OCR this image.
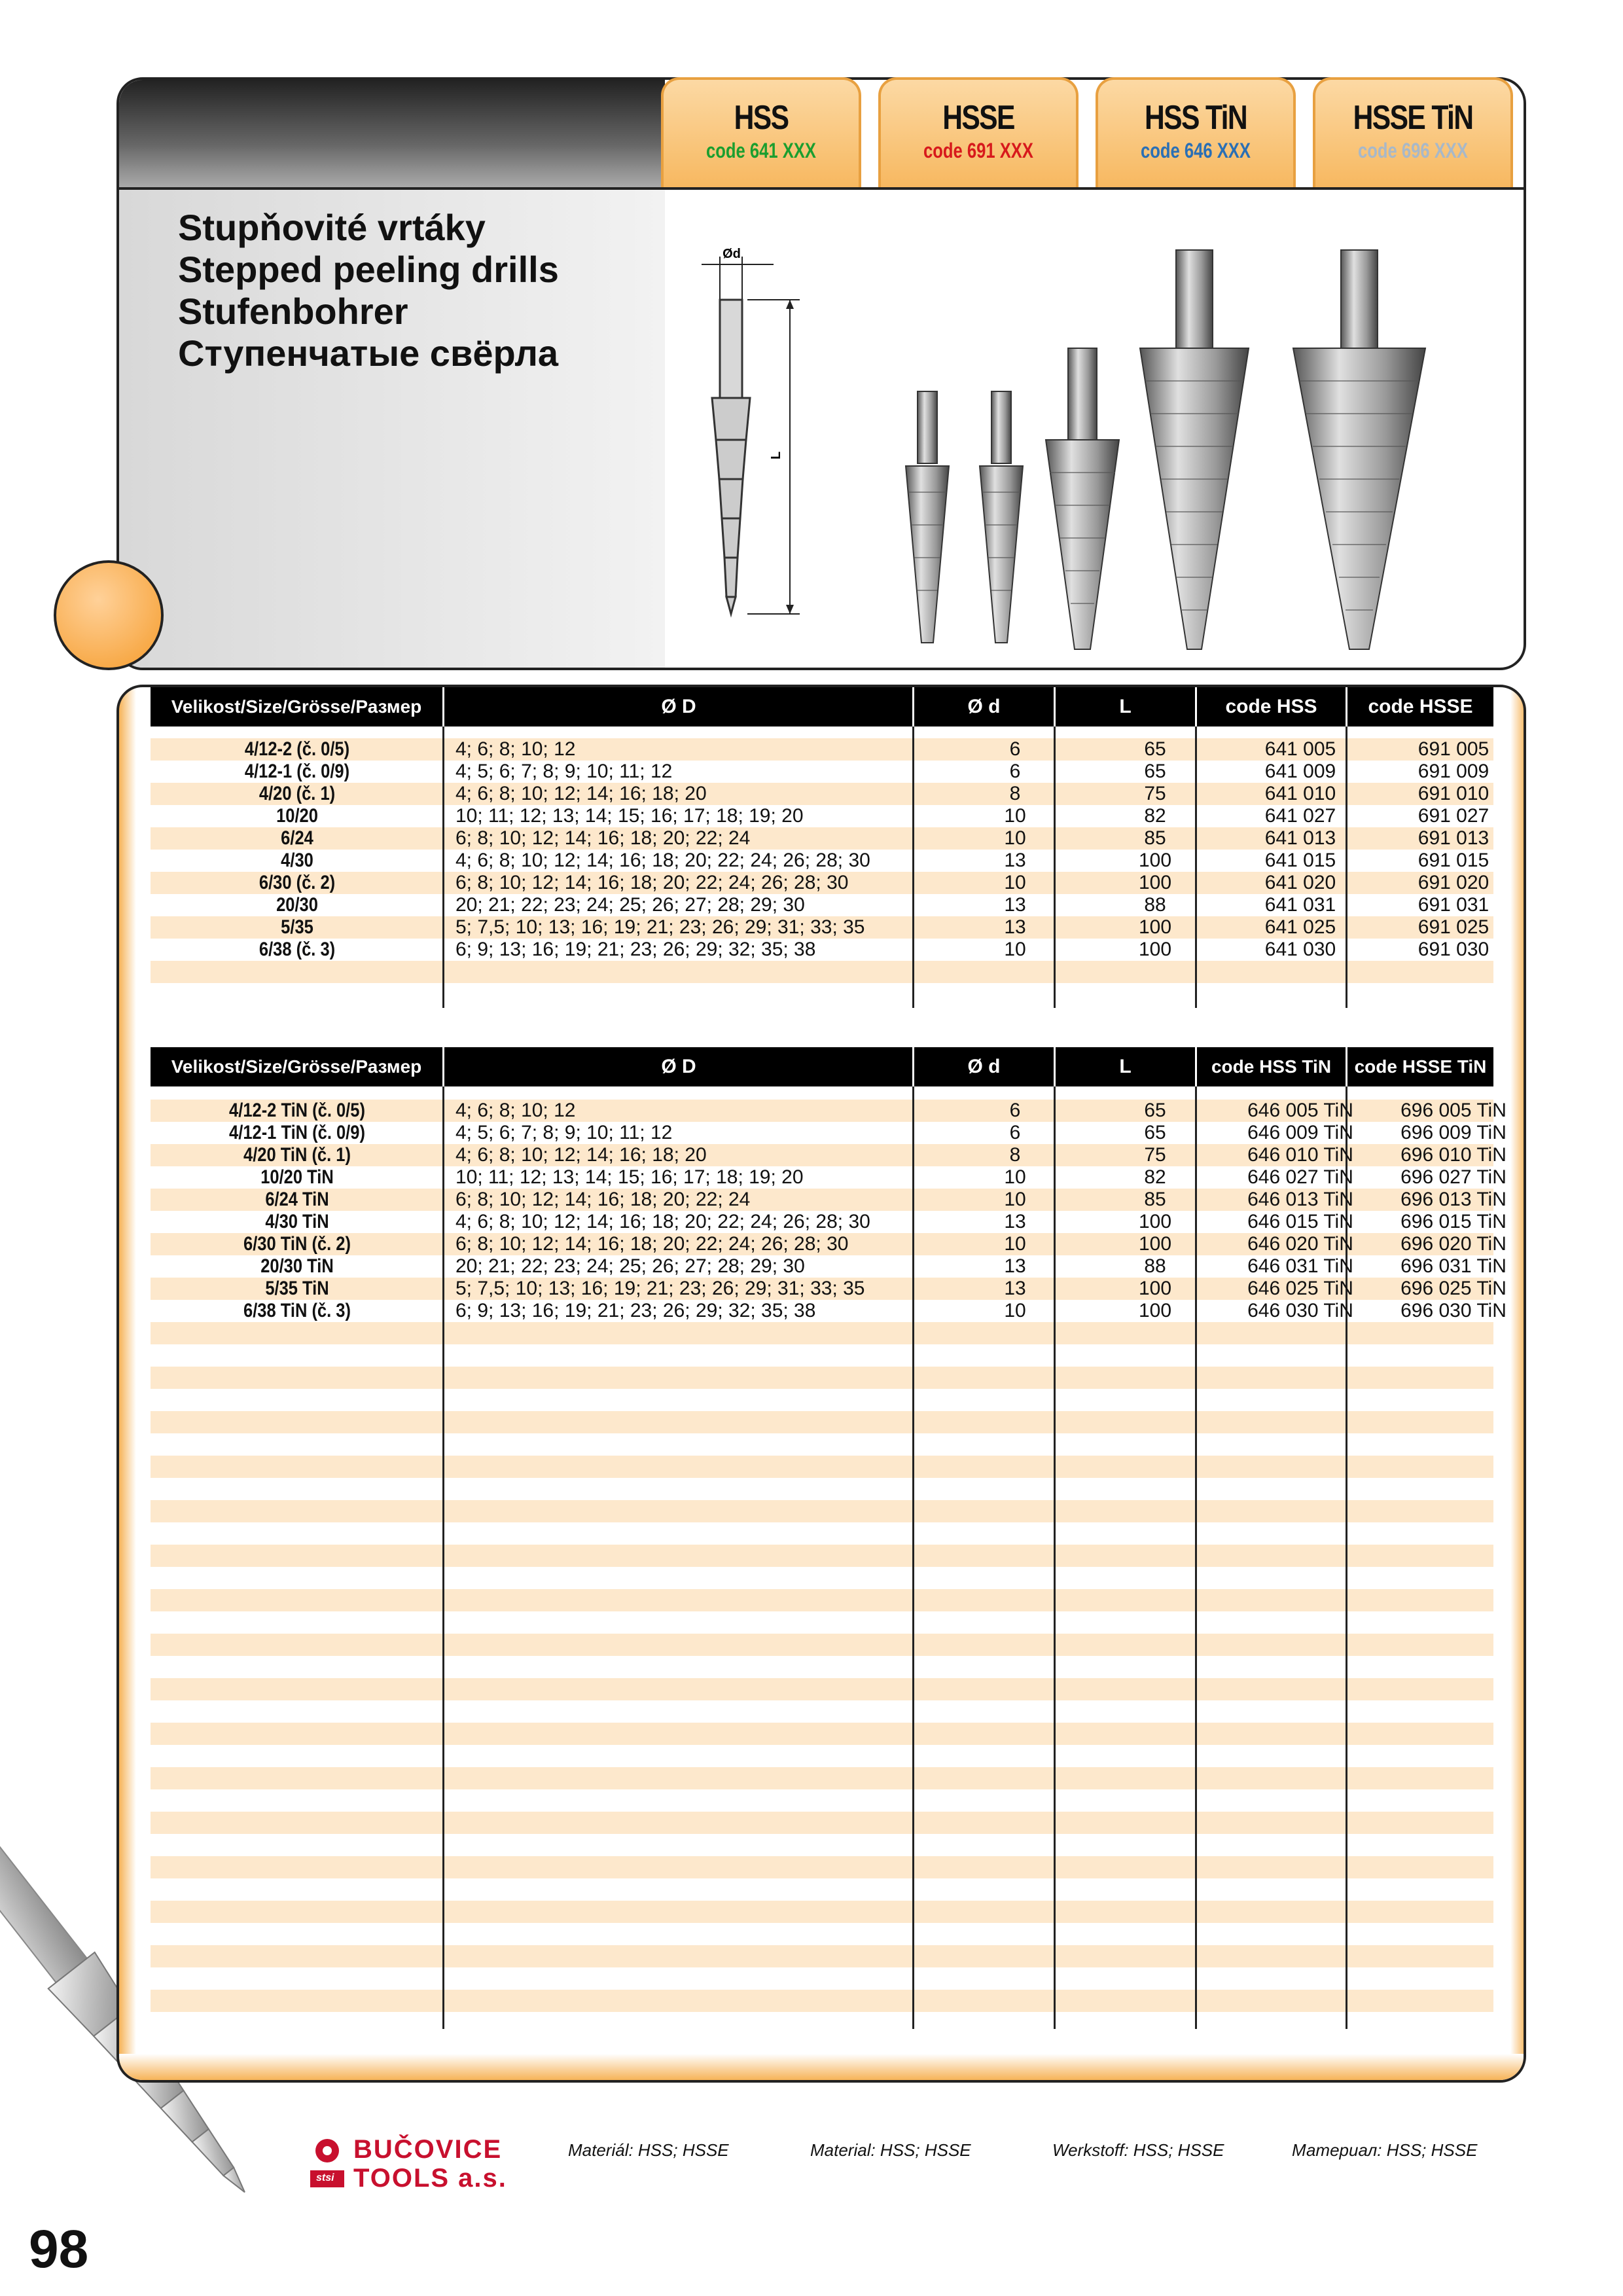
Ød
L
HSS
code 641 XXX
HSSE
code 691 XXX
HSS TiN
code 646 XXX
HSSE TiN
code 696 XXX
Stupňovité vrtáky
Stepped peeling drills
Stufenbohrer
Ступенчатые свёрла
Velikost/Size/Grösse/Размер	Ø D	Ø d	L	code HSS	code HSSE
4/12-2 (č. 0/5)	4; 6; 8; 10; 12	6	65	641 005	691 005
4/12-1 (č. 0/9)	4; 5; 6; 7; 8; 9; 10; 11; 12	6	65	641 009	691 009
4/20 (č. 1)	4; 6; 8; 10; 12; 14; 16; 18; 20	8	75	641 010	691 010
10/20	10; 11; 12; 13; 14; 15; 16; 17; 18; 19; 20	10	82	641 027	691 027
6/24	6; 8; 10; 12; 14; 16; 18; 20; 22; 24	10	85	641 013	691 013
4/30	4; 6; 8; 10; 12; 14; 16; 18; 20; 22; 24; 26; 28; 30	13	100	641 015	691 015
6/30 (č. 2)	6; 8; 10; 12; 14; 16; 18; 20; 22; 24; 26; 28; 30	10	100	641 020	691 020
20/30	20; 21; 22; 23; 24; 25; 26; 27; 28; 29; 30	13	88	641 031	691 031
5/35	5; 7,5; 10; 13; 16; 19; 21; 23; 26; 29; 31; 33; 35	13	100	641 025	691 025
6/38 (č. 3)	6; 9; 13; 16; 19; 21; 23; 26; 29; 32; 35; 38	10	100	641 030	691 030
Velikost/Size/Grösse/Размер	Ø D	Ø d	L	code HSS TiN	code HSSE TiN
4/12-2 TiN (č. 0/5)	4; 6; 8; 10; 12	6	65	646 005 TiN	696 005 TiN
4/12-1 TiN (č. 0/9)	4; 5; 6; 7; 8; 9; 10; 11; 12	6	65	646 009 TiN	696 009 TiN
4/20 TiN (č. 1)	4; 6; 8; 10; 12; 14; 16; 18; 20	8	75	646 010 TiN	696 010 TiN
10/20 TiN	10; 11; 12; 13; 14; 15; 16; 17; 18; 19; 20	10	82	646 027 TiN	696 027 TiN
6/24 TiN	6; 8; 10; 12; 14; 16; 18; 20; 22; 24	10	85	646 013 TiN	696 013 TiN
4/30 TiN	4; 6; 8; 10; 12; 14; 16; 18; 20; 22; 24; 26; 28; 30	13	100	646 015 TiN	696 015 TiN
6/30 TiN (č. 2)	6; 8; 10; 12; 14; 16; 18; 20; 22; 24; 26; 28; 30	10	100	646 020 TiN	696 020 TiN
20/30 TiN	20; 21; 22; 23; 24; 25; 26; 27; 28; 29; 30	13	88	646 031 TiN	696 031 TiN
5/35 TiN	5; 7,5; 10; 13; 16; 19; 21; 23; 26; 29; 31; 33; 35	13	100	646 025 TiN	696 025 TiN
6/38 TiN (č. 3)	6; 9; 13; 16; 19; 21; 23; 26; 29; 32; 35; 38	10	100	646 030 TiN	696 030 TiN
stsi
BUČOVICE
TOOLS a.s.
Materiál: HSS; HSSE	Material: HSS; HSSE	Werkstoff: HSS; HSSE	Материал: HSS; HSSE
98
